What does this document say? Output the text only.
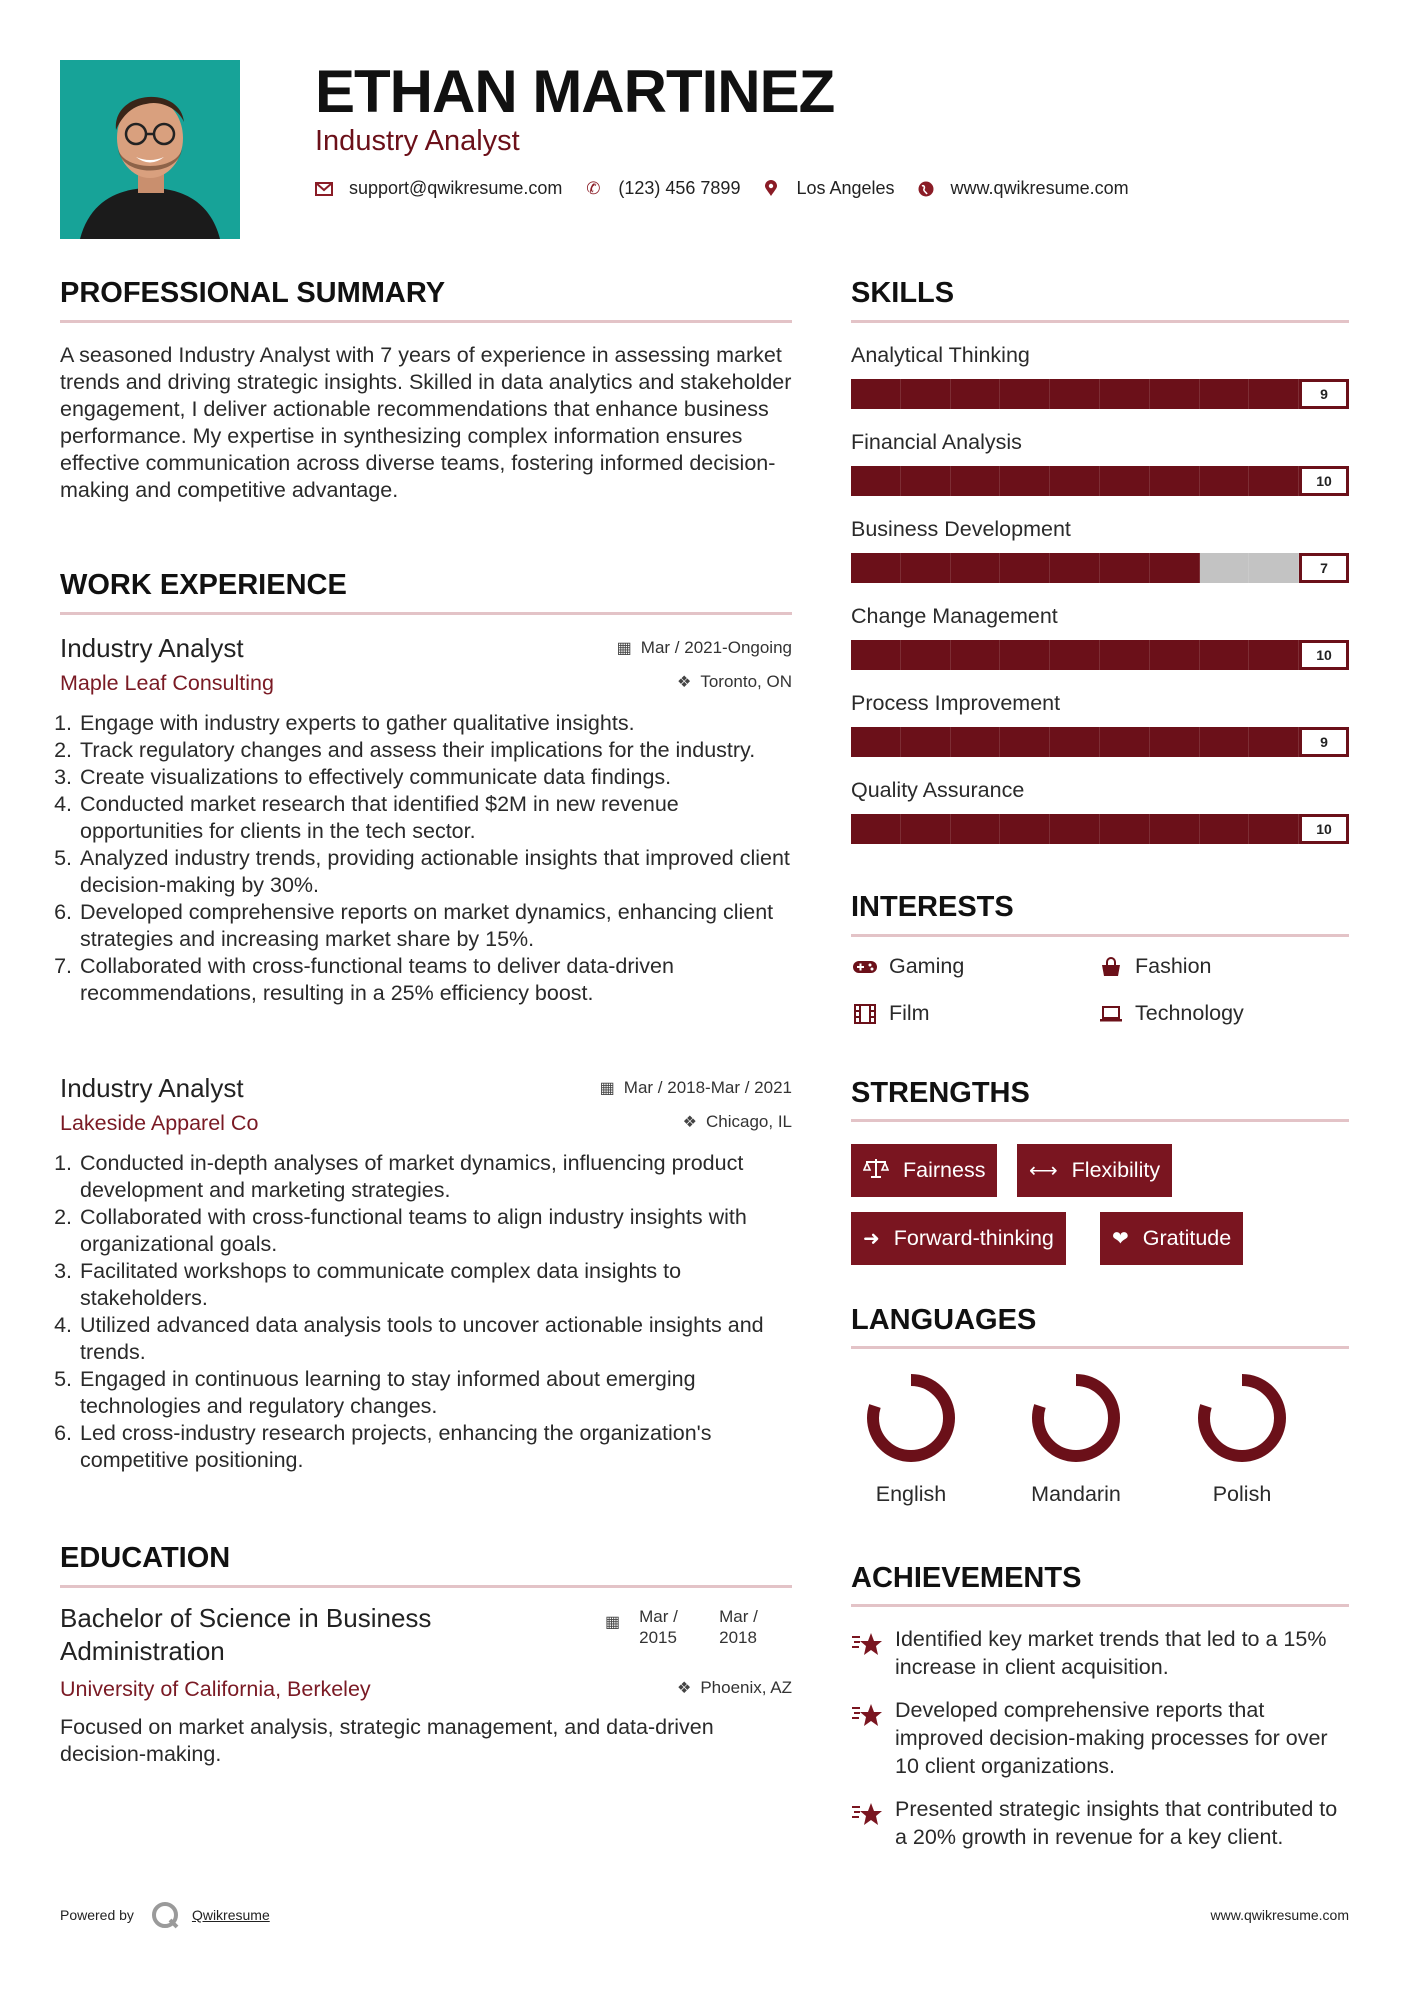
ETHAN MARTINEZ
Industry Analyst
support@qwikresume.com ✆ (123) 456 7899	Los Angeles	www.qwikresume.com
PROFESSIONAL SUMMARY
A seasoned Industry Analyst with 7 years of experience in assessing market trends and driving strategic insights. Skilled in data analytics and stakeholder engagement, I deliver actionable recommendations that enhance business performance. My expertise in synthesizing complex information ensures effective communication across diverse teams, fostering informed decision-making and competitive advantage.
WORK EXPERIENCE
Industry Analyst
Maple Leaf Consulting
▦ Mar / 2021-Ongoing
❖ Toronto, ON
1. Engage with industry experts to gather qualitative insights.
2. Track regulatory changes and assess their implications for the industry.
3. Create visualizations to effectively communicate data findings.
4. Conducted market research that identified $2M in new revenue opportunities for clients in the tech sector.
5. Analyzed industry trends, providing actionable insights that improved client decision-making by 30%.
6. Developed comprehensive reports on market dynamics, enhancing client strategies and increasing market share by 15%.
7. Collaborated with cross-functional teams to deliver data-driven recommendations, resulting in a 25% efficiency boost.
Industry Analyst
Lakeside Apparel Co
▦ Mar / 2018-Mar / 2021
❖ Chicago, IL
1. Conducted in-depth analyses of market dynamics, influencing product development and marketing strategies.
2. Collaborated with cross-functional teams to align industry insights with organizational goals.
3. Facilitated workshops to communicate complex data insights to stakeholders.
4. Utilized advanced data analysis tools to uncover actionable insights and trends.
5. Engaged in continuous learning to stay informed about emerging technologies and regulatory changes.
6. Led cross-industry research projects, enhancing the organization's competitive positioning.
EDUCATION
Bachelor of Science in Business Administration
University of California, Berkeley
Focused on market analysis, strategic management, and data-driven decision-making.
▦ Mar / 2015
Mar / 2018
❖ Phoenix, AZ
SKILLS
Analytical Thinking
9
Financial Analysis
10
Business Development
7
Change Management
10
Process Improvement
9
Quality Assurance
10
INTERESTS
Gaming	Fashion
Film	Technology
STRENGTHS
Fairness ⟷ Flexibility
➜ Forward-thinking	❤ Gratitude
LANGUAGES
English	Mandarin	Polish
ACHIEVEMENTS
Identified key market trends that led to a 15% increase in client acquisition.
Developed comprehensive reports that improved decision-making processes for over 10 client organizations.
Presented strategic insights that contributed to a 20% growth in revenue for a key client.
Powered by	Qwikresume	www.qwikresume.com
